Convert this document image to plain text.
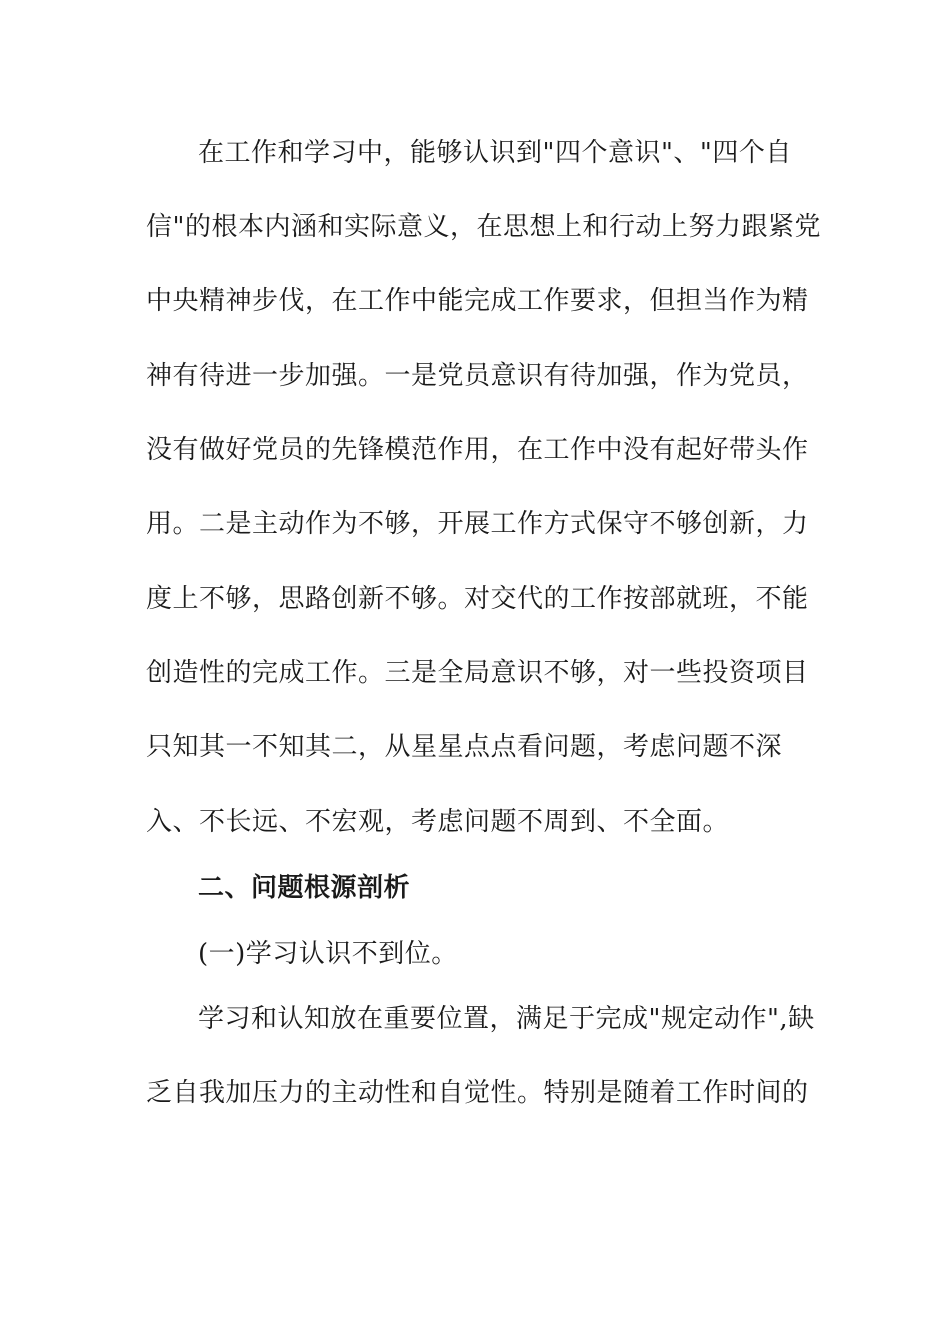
在工作和学习中，能够认识到"四个意识"、"四个自
信"的根本内涵和实际意义，在思想上和行动上努力跟紧党
中央精神步伐，在工作中能完成工作要求，但担当作为精
神有待进一步加强。一是党员意识有待加强，作为党员，
没有做好党员的先锋模范作用，在工作中没有起好带头作
用。二是主动作为不够，开展工作方式保守不够创新，力
度上不够，思路创新不够。对交代的工作按部就班，不能
创造性的完成工作。三是全局意识不够，对一些投资项目
只知其一不知其二，从星星点点看问题，考虑问题不深
入、不长远、不宏观，考虑问题不周到、不全面。
二、问题根源剖析
(一)学习认识不到位。
学习和认知放在重要位置，满足于完成"规定动作",缺
乏自我加压力的主动性和自觉性。特别是随着工作时间的
